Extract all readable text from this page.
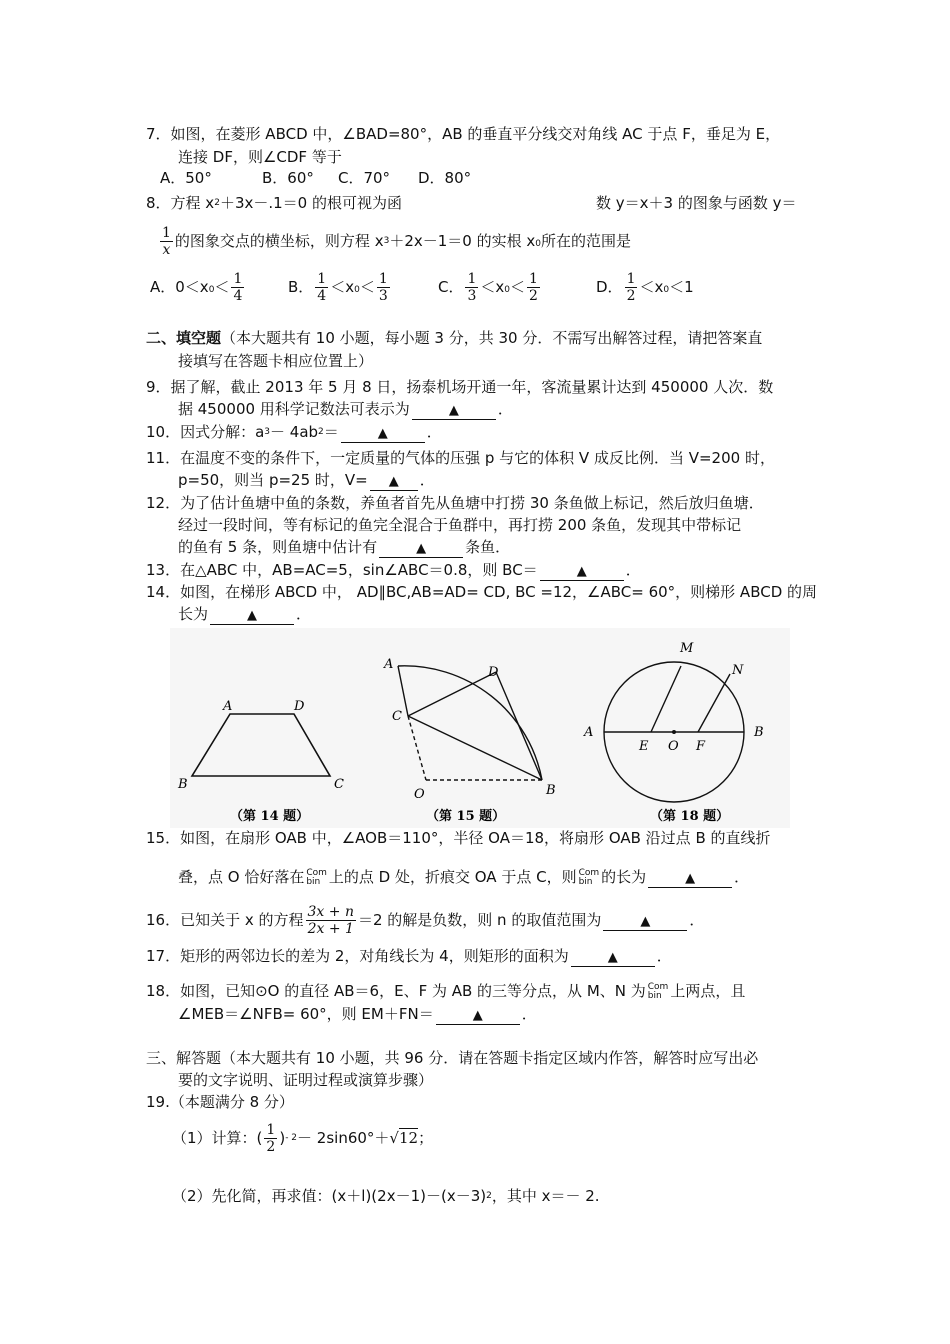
7．如图，在菱形 ABCD 中，∠BAD=80°，AB 的垂直平分线交对角线 AC 于点 F，垂足为 E，
连接 DF，则∠CDF 等于
A．50°	B．60° C．70° D．80°
8．方程 $x^2+3x-.1=0$ 的根可视为函	数 y＝x＋3 的图象与函数 y＝
$\frac{1}{x}$ 的图象交点的横坐标，则方程 $x^3+2x-1=0$ 的实根 x0所在的范围是
A．$0<x0< \frac{1}{4}$	B． $\frac{1}{4} <x0< \frac{1}{3}$	C． $\frac{1}{3} <x0< \frac{1}{2}$	D． $\frac{1}{2} <x0<1$
二、填空题（本大题共有 10 小题，每小题 3 分，共 30 分．不需写出解答过程，请把答案直
接填写在答题卡相应位置上）
9．据了解，截止 2013 年 5 月 8 日，扬泰机场开通一年，客流量累计达到 450000 人次．数
据 450000 用科学记数法可表示为	▲	．
10．因式分解：$a^3- 4ab^2=$	▲	．
11．在温度不变的条件下，一定质量的气体的压强 p 与它的体积 V 成反比例．当 V=200 时，
p=50，则当 p=25 时，V= ▲ ．
12．为了估计鱼塘中鱼的条数，养鱼者首先从鱼塘中打捞 30 条鱼做上标记，然后放归鱼塘．
经过一段时间，等有标记的鱼完全混合于鱼群中，再打捞 200 条鱼，发现其中带标记
的鱼有 5 条，则鱼塘中估计有	▲	条鱼．
13．在△ABC 中，AB=AC=5，sin∠ABC＝0.8，则 BC＝	▲	．
14．如图，在梯形 ABCD 中， AD∥BC,AB=AD= CD, BC =12，∠ABC= 60°，则梯形 ABCD 的周
长为	▲	．
A	D
B	C
（第 14 题）
A
D
C
O	B
（第 15 题）
M
N
A
E O F
B
（第 18 题）
15．如图，在扇形 OAB 中，∠AOB＝110°，半径 OA＝18，将扇形 OAB 沿过点 B 的直线折
叠，点 O 恰好落在 Com
bin 上的点 D 处，折痕交 OA 于点 C，则 Com
bin 的长为	▲	．
16．已知关于 x 的方程 $\frac{3x + n}{2x + 1} =2$ 的解是负数，则 n 的取值范围为	▲	．
17．矩形的两邻边长的差为 2，对角线长为 4，则矩形的面积为	▲	．
18．如图，已知⊙O 的直径 AB＝6，E、F 为 AB 的三等分点，从 M、N 为 Com
bin 上两点，且
∠MEB＝∠NFB= 60°，则 EM＋FN＝	▲	．
三、解答题（本大题共有 10 小题，共 96 分．请在答题卡指定区域内作答，解答时应写出必
要的文字说明、证明过程或演算步骤）
19.（本题满分 8 分）
（1）计算：( $\frac{1}{2} )^{- 2}- 2\sin 60^\circ+√12$；
（2）先化简，再求值：$(x+l)(2x-1)-(x-3)^2$，其中 x＝－ 2.
